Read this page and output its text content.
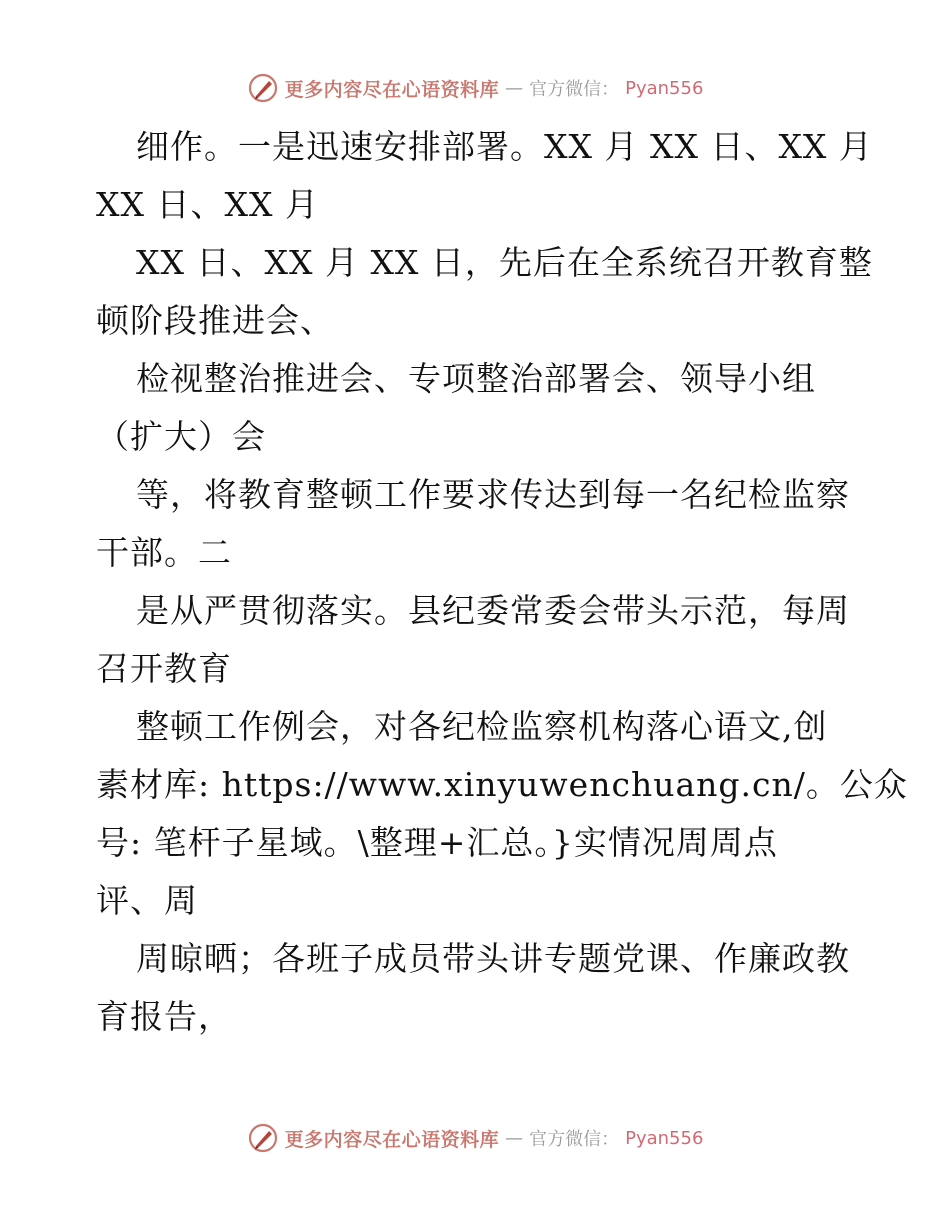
更多内容尽在心语资料库 — 官方微信： Pyan556
细作。一是迅速安排部署。XX 月 XX 日、XX 月
XX 日、XX 月
XX 日、XX 月 XX 日，先后在全系统召开教育整
顿阶段推进会、
检视整治推进会、专项整治部署会、领导小组
（扩大）会
等，将教育整顿工作要求传达到每一名纪检监察
干部。二
是从严贯彻落实。县纪委常委会带头示范，每周
召开教育
整顿工作例会，对各纪检监察机构落心语文,创
素材库: https://www.xinyuwenchuang.cn/。公众
号: 笔杆子星域。\整理+汇总。}实情况周周点
评、周
周晾晒；各班子成员带头讲专题党课、作廉政教
育报告，
更多内容尽在心语资料库 — 官方微信： Pyan556
